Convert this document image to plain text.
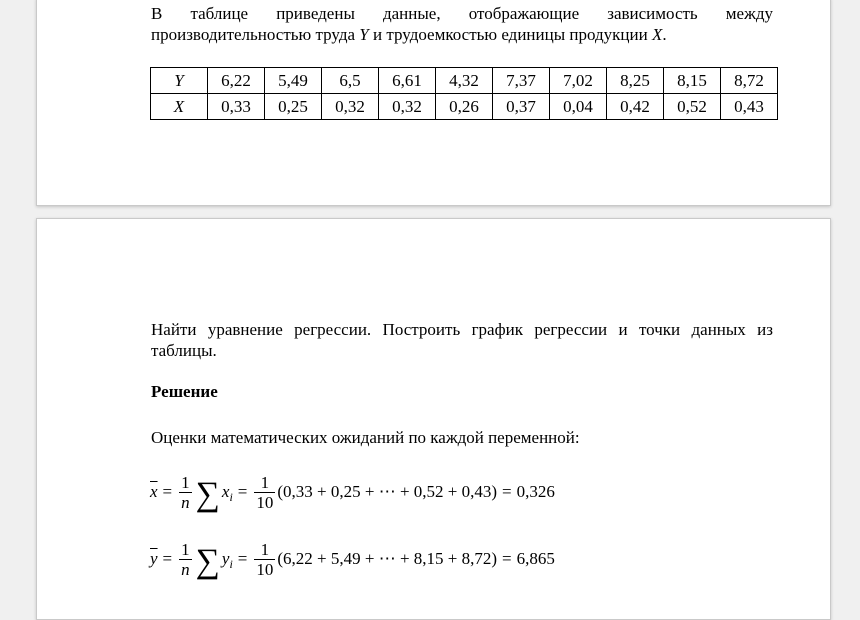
В таблице приведены данные, отображающие зависимость между производительностью труда Y и трудоемкостью единицы продукции X.
Y	6,22	5,49	6,5	6,61	4,32	7,37	7,02	8,25	8,15	8,72
X	0,33	0,25	0,32	0,32	0,26	0,37	0,04	0,42	0,52	0,43
Найти уравнение регрессии. Построить график регрессии и точки данных из таблицы.
Решение
Оценки математических ожиданий по каждой переменной:
$\overline{x} = \frac{1}{n}$ ∑ x $i = \frac{1}{10} (0,33 + 0,25$ + ⋯ + 0,52 + 0,43) = 0,326
$\overline{y} = \frac{1}{n}$ ∑ y $i = \frac{1}{10} (6,22 + 5,49$ + ⋯ + 8,15 + 8,72) = 6,865
